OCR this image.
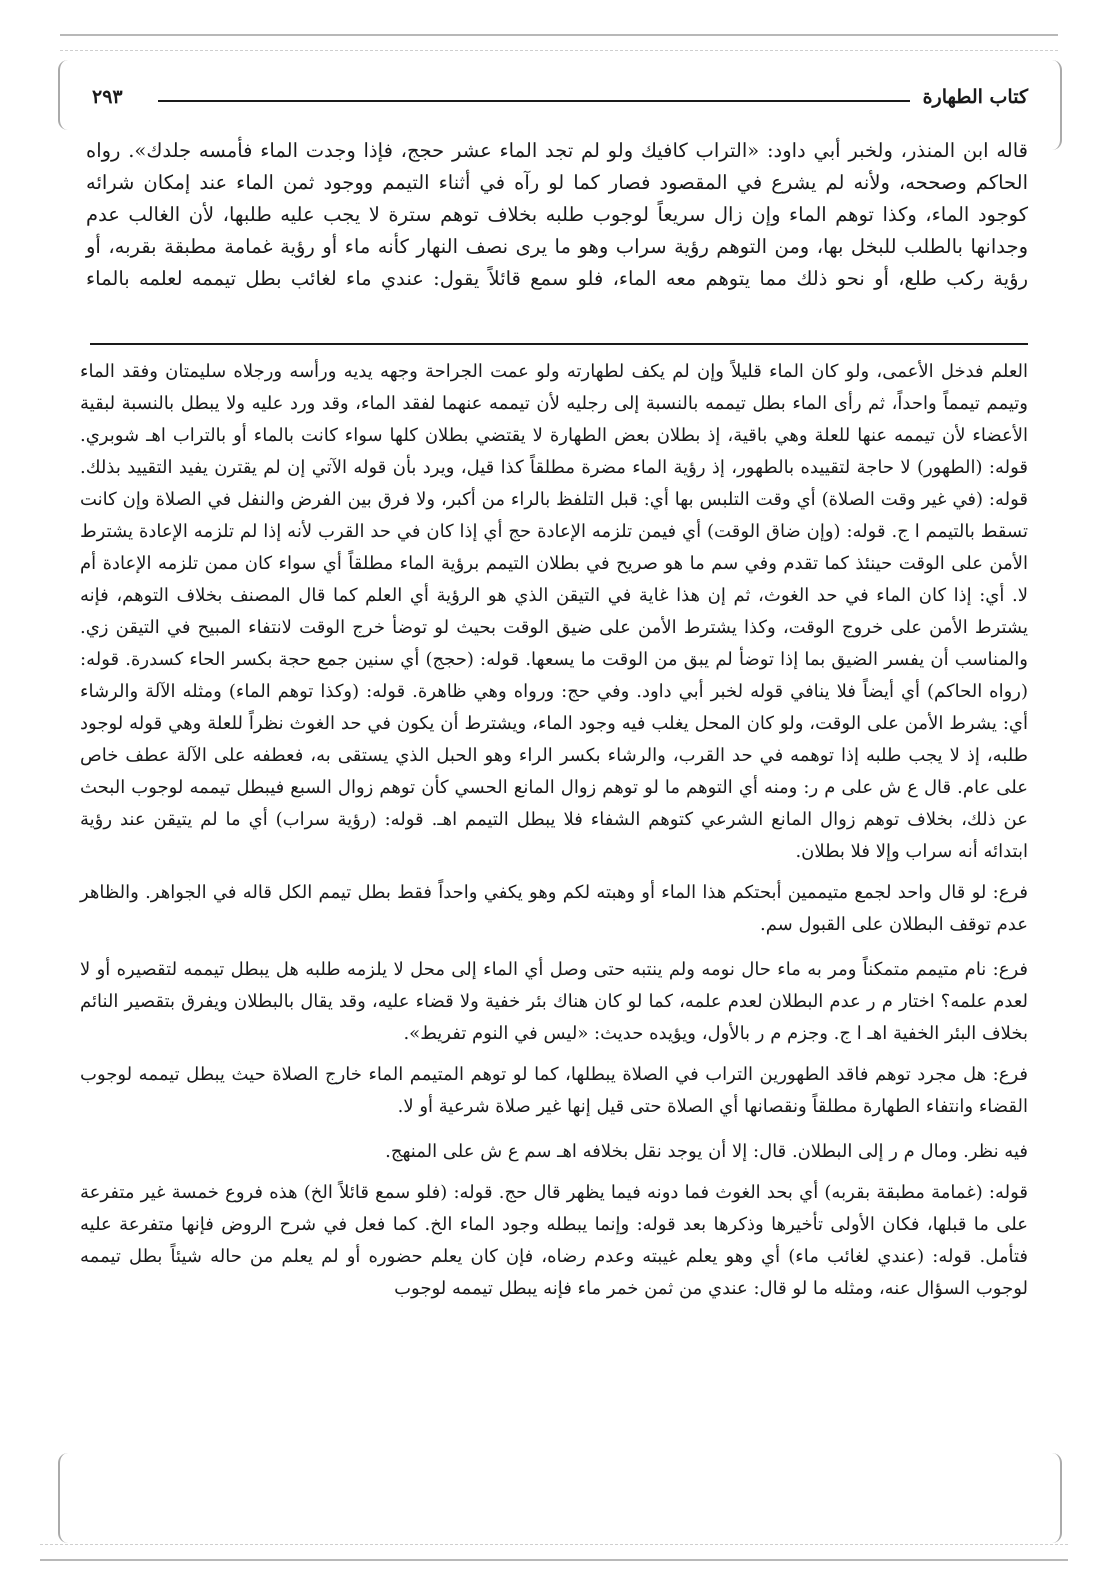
كتاب الطهارة
٢٩٣

قاله ابن المنذر، ولخبر أبي داود: «التراب كافيك ولو لم تجد الماء عشر حجج، فإذا وجدت الماء فأمسه جلدك». رواه الحاكم وصححه، ولأنه لم يشرع في المقصود فصار كما لو رآه في أثناء التيمم ووجود ثمن الماء عند إمكان شرائه كوجود الماء، وكذا توهم الماء وإن زال سريعاً لوجوب طلبه بخلاف توهم سترة لا يجب عليه طلبها، لأن الغالب عدم وجدانها بالطلب للبخل بها، ومن التوهم رؤية سراب وهو ما يرى نصف النهار كأنه ماء أو رؤية غمامة مطبقة بقربه، أو رؤية ركب طلع، أو نحو ذلك مما يتوهم معه الماء، فلو سمع قائلاً يقول: عندي ماء لغائب بطل تيممه لعلمه بالماء

العلم فدخل الأعمى، ولو كان الماء قليلاً وإن لم يكف لطهارته ولو عمت الجراحة وجهه يديه ورأسه ورجلاه سليمتان وفقد الماء وتيمم تيمماً واحداً، ثم رأى الماء بطل تيممه بالنسبة إلى رجليه لأن تيممه عنهما لفقد الماء، وقد ورد عليه ولا يبطل بالنسبة لبقية الأعضاء لأن تيممه عنها للعلة وهي باقية، إذ بطلان بعض الطهارة لا يقتضي بطلان كلها سواء كانت بالماء أو بالتراب اهـ شوبري. قوله: (الطهور) لا حاجة لتقييده بالطهور، إذ رؤية الماء مضرة مطلقاً كذا قيل، ويرد بأن قوله الآتي إن لم يقترن يفيد التقييد بذلك. قوله: (في غير وقت الصلاة) أي وقت التلبس بها أي: قبل التلفظ بالراء من أكبر، ولا فرق بين الفرض والنفل في الصلاة وإن كانت تسقط بالتيمم ا ج. قوله: (وإن ضاق الوقت) أي فيمن تلزمه الإعادة حج أي إذا كان في حد القرب لأنه إذا لم تلزمه الإعادة يشترط الأمن على الوقت حينئذ كما تقدم وفي سم ما هو صريح في بطلان التيمم برؤية الماء مطلقاً أي سواء كان ممن تلزمه الإعادة أم لا. أي: إذا كان الماء في حد الغوث، ثم إن هذا غاية في التيقن الذي هو الرؤية أي العلم كما قال المصنف بخلاف التوهم، فإنه يشترط الأمن على خروج الوقت، وكذا يشترط الأمن على ضيق الوقت بحيث لو توضأ خرج الوقت لانتفاء المبيح في التيقن زي. والمناسب أن يفسر الضيق بما إذا توضأ لم يبق من الوقت ما يسعها. قوله: (حجج) أي سنين جمع حجة بكسر الحاء كسدرة. قوله: (رواه الحاكم) أي أيضاً فلا ينافي قوله لخبر أبي داود. وفي حج: ورواه وهي ظاهرة. قوله: (وكذا توهم الماء) ومثله الآلة والرشاء أي: يشرط الأمن على الوقت، ولو كان المحل يغلب فيه وجود الماء، ويشترط أن يكون في حد الغوث نظراً للعلة وهي قوله لوجود طلبه، إذ لا يجب طلبه إذا توهمه في حد القرب، والرشاء بكسر الراء وهو الحبل الذي يستقى به، فعطفه على الآلة عطف خاص على عام. قال ع ش على م ر: ومنه أي التوهم ما لو توهم زوال المانع الحسي كأن توهم زوال السبع فيبطل تيممه لوجوب البحث عن ذلك، بخلاف توهم زوال المانع الشرعي كتوهم الشفاء فلا يبطل التيمم اهـ. قوله: (رؤية سراب) أي ما لم يتيقن عند رؤية ابتدائه أنه سراب وإلا فلا بطلان.

فرع: لو قال واحد لجمع متيممين أبحتكم هذا الماء أو وهبته لكم وهو يكفي واحداً فقط بطل تيمم الكل قاله في الجواهر. والظاهر عدم توقف البطلان على القبول سم.

فرع: نام متيمم متمكناً ومر به ماء حال نومه ولم ينتبه حتى وصل أي الماء إلى محل لا يلزمه طلبه هل يبطل تيممه لتقصيره أو لا لعدم علمه؟ اختار م ر عدم البطلان لعدم علمه، كما لو كان هناك بئر خفية ولا قضاء عليه، وقد يقال بالبطلان ويفرق بتقصير النائم بخلاف البئر الخفية اهـ ا ج. وجزم م ر بالأول، ويؤيده حديث: «ليس في النوم تفريط».

فرع: هل مجرد توهم فاقد الطهورين التراب في الصلاة يبطلها، كما لو توهم المتيمم الماء خارج الصلاة حيث يبطل تيممه لوجوب القضاء وانتفاء الطهارة مطلقاً ونقصانها أي الصلاة حتى قيل إنها غير صلاة شرعية أو لا.

فيه نظر. ومال م ر إلى البطلان. قال: إلا أن يوجد نقل بخلافه اهـ سم ع ش على المنهج.

قوله: (غمامة مطبقة بقربه) أي بحد الغوث فما دونه فيما يظهر قال حج. قوله: (فلو سمع قائلاً الخ) هذه فروع خمسة غير متفرعة على ما قبلها، فكان الأولى تأخيرها وذكرها بعد قوله: وإنما يبطله وجود الماء الخ. كما فعل في شرح الروض فإنها متفرعة عليه فتأمل. قوله: (عندي لغائب ماء) أي وهو يعلم غيبته وعدم رضاه، فإن كان يعلم حضوره أو لم يعلم من حاله شيئاً بطل تيممه لوجوب السؤال عنه، ومثله ما لو قال: عندي من ثمن خمر ماء فإنه يبطل تيممه لوجوب
